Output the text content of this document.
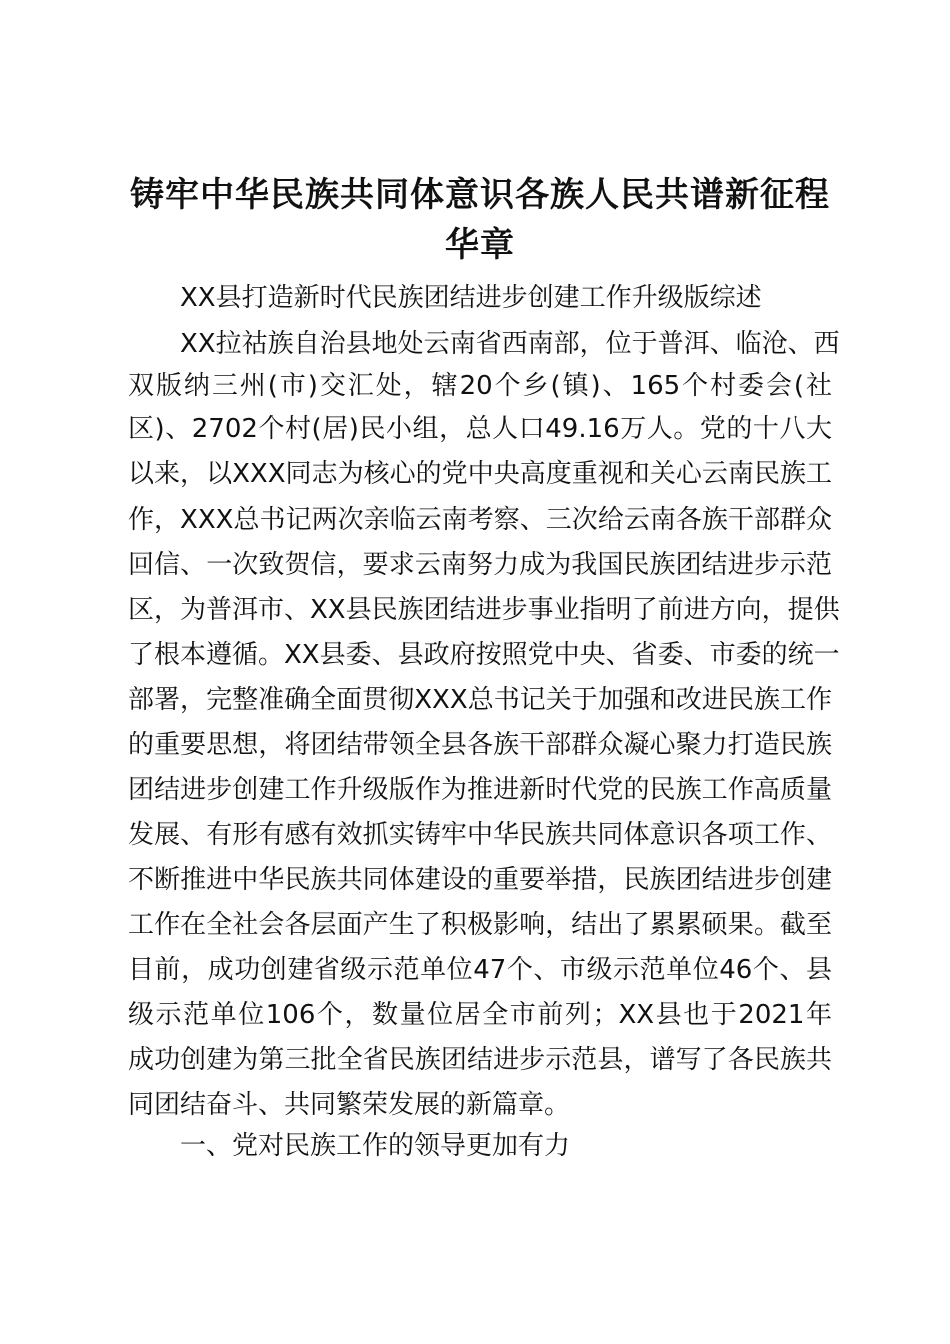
铸牢中华民族共同体意识各族人民共谱新征程
华章
XX县打造新时代民族团结进步创建工作升级版综述
XX拉祜族自治县地处云南省西南部，位于普洱、临沧、西
双版纳三州(市)交汇处，辖20个乡(镇)、165个村委会(社
区)、2702个村(居)民小组，总人口49.16万人。党的十八大
以来，以XXX同志为核心的党中央高度重视和关心云南民族工
作，XXX总书记两次亲临云南考察、三次给云南各族干部群众
回信、一次致贺信，要求云南努力成为我国民族团结进步示范
区，为普洱市、XX县民族团结进步事业指明了前进方向，提供
了根本遵循。XX县委、县政府按照党中央、省委、市委的统一
部署，完整准确全面贯彻XXX总书记关于加强和改进民族工作
的重要思想，将团结带领全县各族干部群众凝心聚力打造民族
团结进步创建工作升级版作为推进新时代党的民族工作高质量
发展、有形有感有效抓实铸牢中华民族共同体意识各项工作、
不断推进中华民族共同体建设的重要举措，民族团结进步创建
工作在全社会各层面产生了积极影响，结出了累累硕果。截至
目前，成功创建省级示范单位47个、市级示范单位46个、县
级示范单位106个，数量位居全市前列；XX县也于2021年
成功创建为第三批全省民族团结进步示范县，谱写了各民族共
同团结奋斗、共同繁荣发展的新篇章。
一、党对民族工作的领导更加有力
